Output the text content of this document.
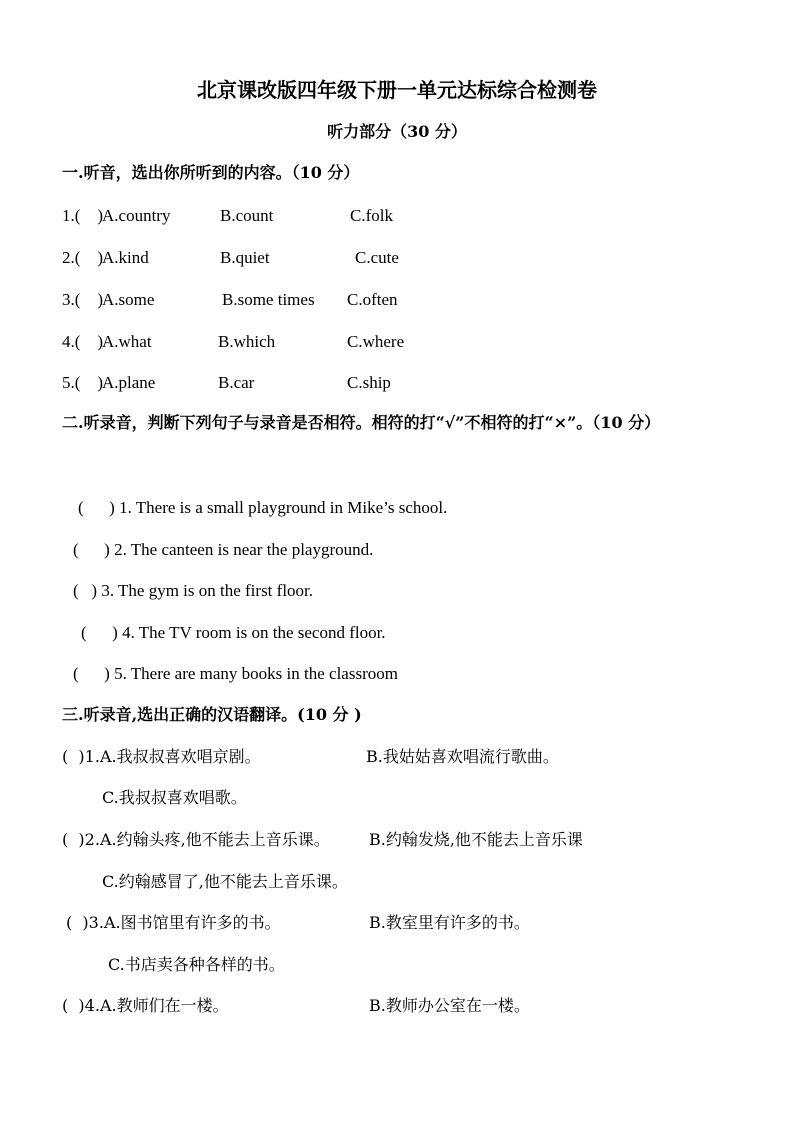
北京课改版四年级下册一单元达标综合检测卷
听力部分（30 分）
一.听音，选出你所听到的内容。（10 分）
1.(    )
A.country	B.count	C.folk
2.(    )
A.kind	B.quiet	C.cute
3.(    )
A.some	B.some times C.often
4.(    )
A.what	B.which	C.where
5.(    )
A.plane	B.car	C.ship
二.听录音，判断下列句子与录音是否相符。相符的打“√”不相符的打“×”。（10 分）
(      ) 1. There is a small playground in Mike’s school.
(      ) 2. The canteen is near the playground.
(   ) 3. The gym is on the first floor.
(      ) 4. The TV room is on the second floor.
(      ) 5. There are many books in the classroom
三.听录音,选出正确的汉语翻译。(10 分 )
(  )1. A.我叔叔喜欢唱京剧。	B.我姑姑喜欢唱流行歌曲。
C.我叔叔喜欢唱歌。
(  )2. A.约翰头疼,他不能去上音乐课。 B.约翰发烧,他不能去上音乐课
C.约翰感冒了,他不能去上音乐课。
(  )3. A.图书馆里有许多的书。	B.教室里有许多的书。
C.书店卖各种各样的书。
(  )4. A.教师们在一楼。	B.教师办公室在一楼。
